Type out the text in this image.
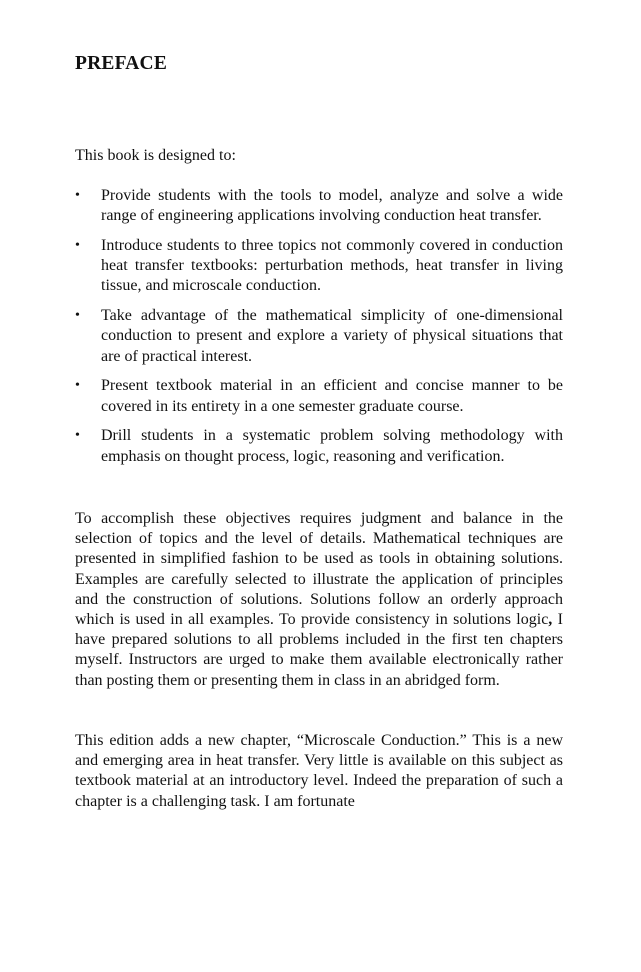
PREFACE

This book is designed to:

•	Provide students with the tools to model, analyze and solve a wide range of engineering applications involving conduction heat transfer.
•	Introduce students to three topics not commonly covered in conduction heat transfer textbooks: perturbation methods, heat transfer in living tissue, and microscale conduction.
•	Take advantage of the mathematical simplicity of one-dimensional conduction to present and explore a variety of physical situations that are of practical interest.
•	Present textbook material in an efficient and concise manner to be covered in its entirety in a one semester graduate course.
•	Drill students in a systematic problem solving methodology with emphasis on thought process, logic, reasoning and verification.

To accomplish these objectives requires judgment and balance in the selection of topics and the level of details. Mathematical techniques are presented in simplified fashion to be used as tools in obtaining solutions. Examples are carefully selected to illustrate the application of principles and the construction of solutions. Solutions follow an orderly approach which is used in all examples. To provide consistency in solutions logic, I have prepared solutions to all problems included in the first ten chapters myself. Instructors are urged to make them available electronically rather than posting them or presenting them in class in an abridged form.

This edition adds a new chapter, “Microscale Conduction.” This is a new and emerging area in heat transfer. Very little is available on this subject as textbook material at an introductory level. Indeed the preparation of such a chapter is a challenging task. I am fortunate
